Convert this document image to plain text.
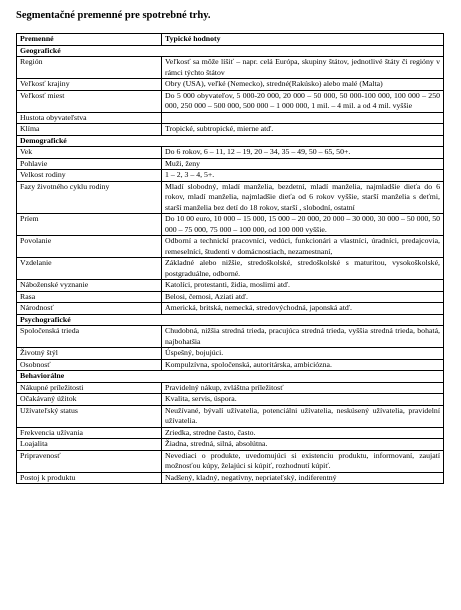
Segmentačné premenné pre spotrebné trhy.
Premenné	Typické hodnoty
Geografické	
Región	Veľkosť sa môže líšiť – napr. celá Európa, skupiny štátov, jednotlivé štáty či regióny v rámci týchto štátov
Veľkosť krajiny	Obry (USA), veľké (Nemecko), stredné(Rakúsko) alebo malé (Malta)
Veľkosť miest	Do 5 000 obyvateľov, 5 000-20 000, 20 000 – 50 000, 50 000-100 000, 100 000 – 250 000, 250 000 – 500 000, 500 000 – 1 000 000, 1 mil. – 4 mil. a od 4 mil. vyššie
Hustota obyvateľstva	
Klíma	Tropické, subtropické, mierne atď.
Demografické	
Vek	Do 6 rokov, 6 – 11, 12 – 19, 20 – 34, 35 – 49, 50 – 65, 50+.
Pohlavie	Muži, ženy
Velkost rodiny	1 – 2, 3 – 4, 5+.
Fazy životného cyklu rodiny	Mladí slobodný, mladí manželia, bezdetní, mladí manželia, najmladšie dieťa do 6 rokov, mladí manželia, najmladšie dieťa od 6 rokov vyššie, starší manželia s deťmi, starší manželia bez detí do 18 rokov, starší , slobodní, ostatní
Príem	Do 10 00 euro, 10 000 – 15 000, 15 000 – 20 000, 20 000 – 30 000, 30 000 – 50 000, 50 000 – 75 000, 75 000 – 100 000, od 100 000 vyššie.
Povolanie	Odborní a technickí pracovníci, vedúci, funkcionári a vlastníci, úradníci, predajcovia, remeselníci, študenti v domácnostiach, nezamestnaní,
Vzdelanie	Základné alebo nižšie, stredoškolské, stredoškolské s maturitou, vysokoškolské, postgraduálne, odborné.
Náboženské vyznanie	Katolíci, protestanti, židia, moslimi atď.
Rasa	Belosi, čemosi, Aziati atď.
Národnosť	Americká, britská, nemecká, stredovýchodná, japonská atď.
Psychografické	
Spoločenská trieda	Chudobná, nižšia stredná trieda, pracujúca stredná trieda, vyššia stredná trieda, bohatá, najbohatšia
Životný štýl	Úspešný, bojujúci.
Osobnosť	Kompulzívna, spoločenská, autoritárska, ambiciózna.
Behaviorálne	
Nákupné príležitosti	Pravidelný nákup, zvláštna príležitosť
Očakávaný úžitok	Kvalita, servis, úspora.
Užívateľský status	Neužívané, bývalí užívatelia, potenciálni užívatelia, neskúsený užívatelia, pravidelní užívatelia.
Frekvencia užívania	Zriedka, stredne často, často.
Loajalita	Žiadna, stredná, silná, absolútna.
Pripravenosť	Nevediaci o produkte, uvedomujúci si existenciu produktu, informovaní, zaujatí možnosťou kúpy, želajúci si kúpiť, rozhodnutí kúpiť.
Postoj k produktu	Nadšený, kladný, negatívny, nepriateľský, indiferentný
